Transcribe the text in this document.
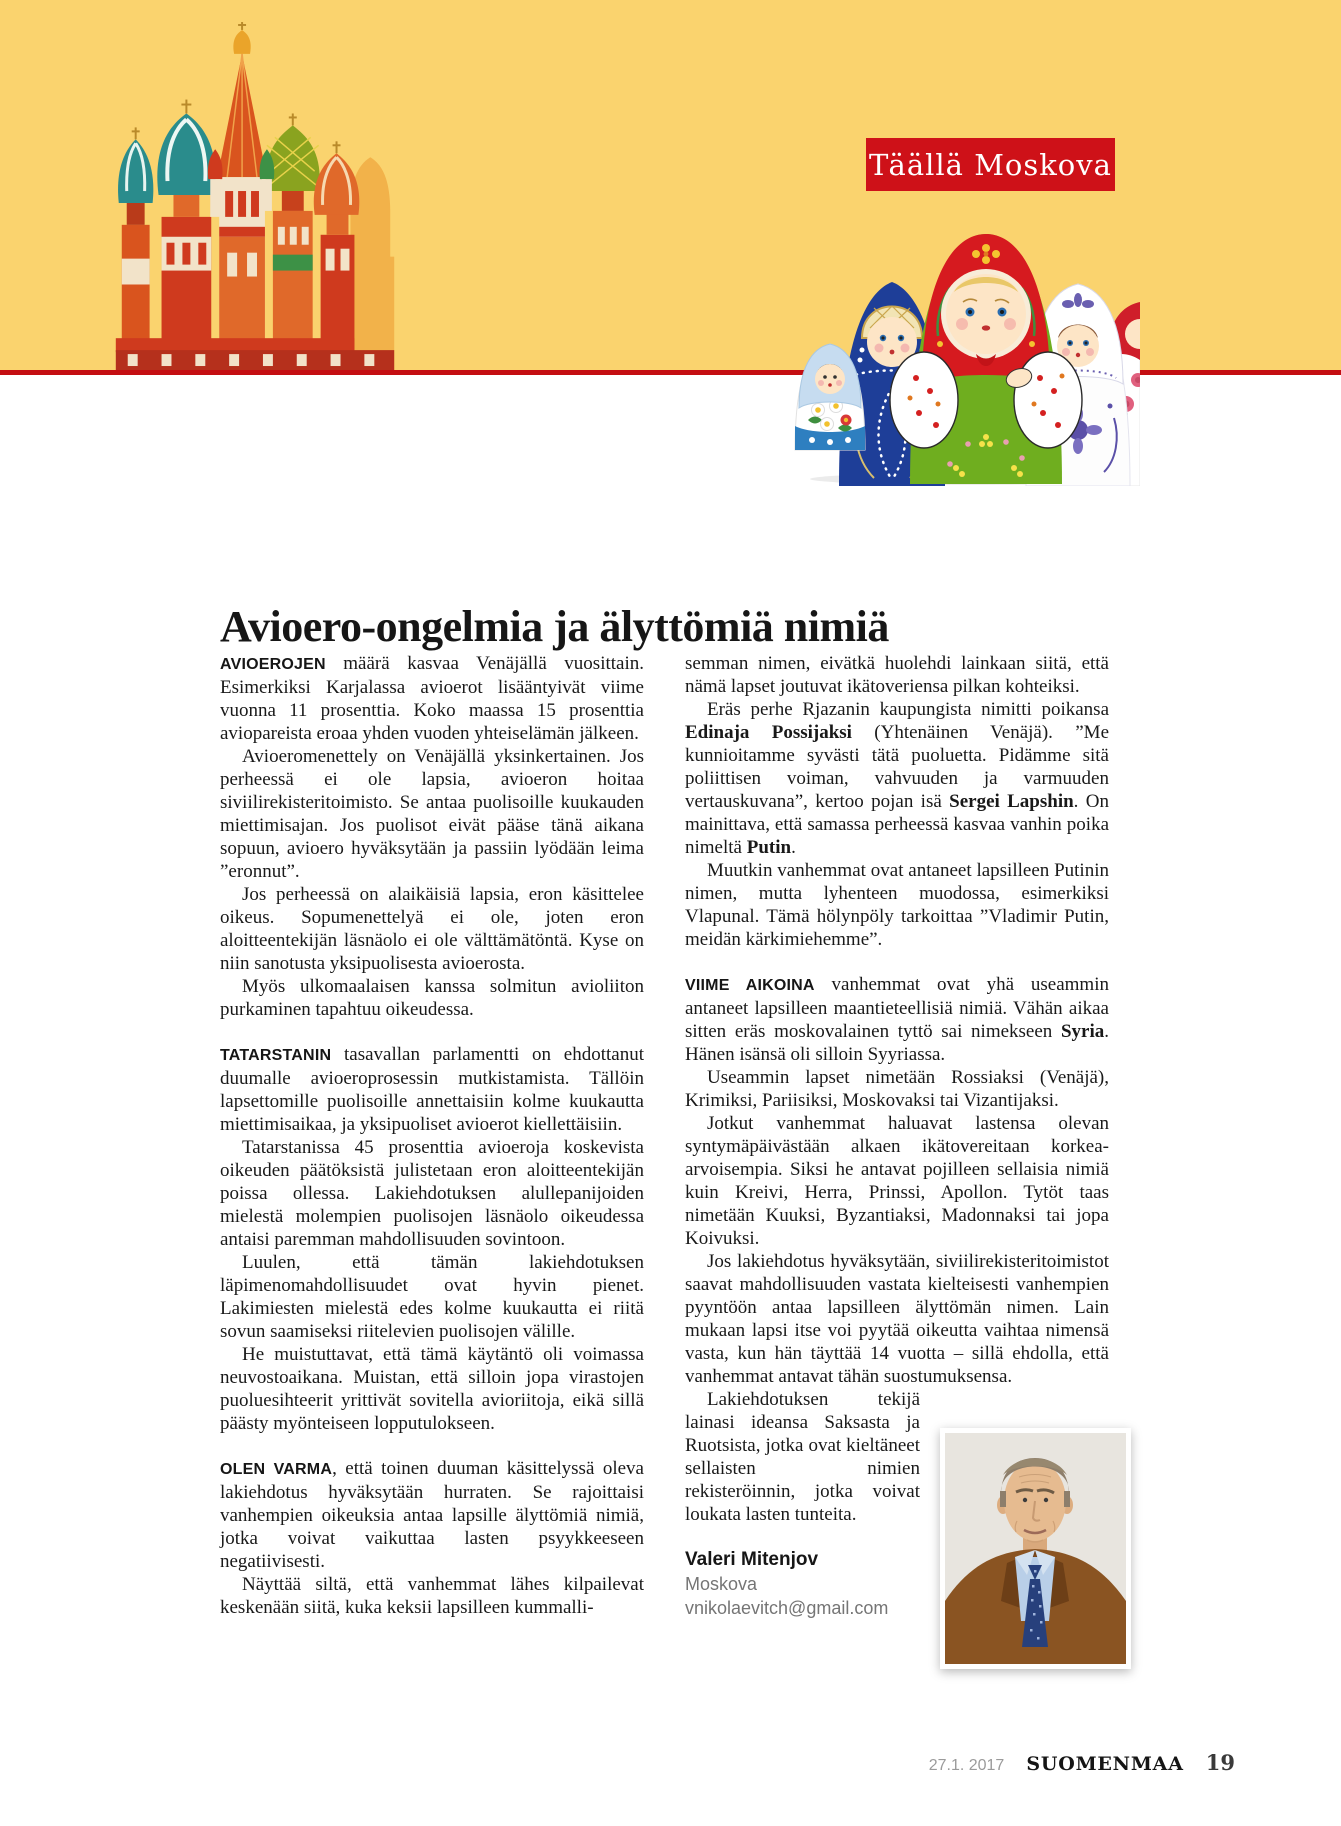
Täällä Moskova
Avioero-ongelmia ja älyttömiä nimiä

AVIOEROJEN määrä kasvaa Venäjällä vuosittain. Esimerkiksi Karjalassa avioerot lisääntyivät viime vuonna 11 prosenttia. Koko maassa 15 prosenttia aviopareista eroaa yhden vuoden yhteiselämän jälkeen.

Avioeromenettely on Venäjällä yksinkertainen. Jos perheessä ei ole lapsia, avioeron hoitaa siviilirekisteritoimisto. Se antaa puolisoille kuukauden miettimisajan. Jos puolisot eivät pääse tänä aikana sopuun, avioero hyväksytään ja passiin lyödään leima ”eronnut”.

Jos perheessä on alaikäisiä lapsia, eron käsittelee oikeus. Sopumenettelyä ei ole, joten eron aloitteentekijän läsnäolo ei ole välttämätöntä. Kyse on niin sanotusta yksipuolisesta avioerosta.

Myös ulkomaalaisen kanssa solmitun avioliiton purkaminen tapahtuu oikeudessa.

TATARSTANIN tasavallan parlamentti on ehdottanut duumalle avioeroprosessin mutkistamista. Tällöin lapsettomille puolisoille annettaisiin kolme kuukautta miettimisaikaa, ja yksipuoliset avioerot kiellettäisiin.

Tatarstanissa 45 prosenttia avioeroja koskevista oikeuden päätöksistä julistetaan eron aloitteentekijän poissa ollessa. Lakiehdotuksen alullepanijoiden mielestä molempien puolisojen läsnäolo oikeudessa antaisi paremman mahdollisuuden sovintoon.

Luulen, että tämän lakiehdotuksen läpimenomahdollisuudet ovat hyvin pienet. Lakimiesten mielestä edes kolme kuukautta ei riitä sovun saamiseksi riitelevien puolisojen välille.

He muistuttavat, että tämä käytäntö oli voimassa neuvostoaikana. Muistan, että silloin jopa virastojen puoluesihteerit yrittivät sovitella avioriitoja, eikä sillä päästy myönteiseen lopputulokseen.

OLEN VARMA, että toinen duuman käsittelyssä oleva lakiehdotus hyväksytään hurraten. Se rajoittaisi vanhempien oikeuksia antaa lapsille älyttömiä nimiä, jotka voivat vaikuttaa lasten psyykkeeseen negatiivisesti.

Näyttää siltä, että vanhemmat lähes kilpailevat keskenään siitä, kuka keksii lapsilleen kummalli-

semman nimen, eivätkä huolehdi lainkaan siitä, että nämä lapset joutuvat ikätoveriensa pilkan kohteiksi.

Eräs perhe Rjazanin kaupungista nimitti poikansa Edinaja Possijaksi (Yhtenäinen Venäjä). ”Me kunnioitamme syvästi tätä puoluetta. Pidämme sitä poliittisen voiman, vahvuuden ja varmuuden vertauskuvana”, kertoo pojan isä Sergei Lapshin. On mainittava, että samassa perheessä kasvaa vanhin poika nimeltä Putin.

Muutkin vanhemmat ovat antaneet lapsilleen Putinin nimen, mutta lyhenteen muodossa, esimerkiksi Vlapunal. Tämä hölynpöly tarkoittaa ”Vladimir Putin, meidän kärkimiehemme”.

VIIME AIKOINA vanhemmat ovat yhä useammin antaneet lapsilleen maantieteellisiä nimiä. Vähän aikaa sitten eräs moskovalainen tyttö sai nimekseen Syria. Hänen isänsä oli silloin Syyriassa.

Useammin lapset nimetään Rossiaksi (Venäjä), Krimiksi, Pariisiksi, Moskovaksi tai Vizantijaksi.

Jotkut vanhemmat haluavat lastensa olevan syntymäpäivästään alkaen ikätovereitaan korkea-arvoisempia. Siksi he antavat pojilleen sellaisia nimiä kuin Kreivi, Herra, Prinssi, Apollon. Tytöt taas nimetään Kuuksi, Byzantiaksi, Madonnaksi tai jopa Koivuksi.

Jos lakiehdotus hyväksytään, siviilirekisteritoimistot saavat mahdollisuuden vastata kielteisesti vanhempien pyyntöön antaa lapsilleen älyttömän nimen. Lain mukaan lapsi itse voi pyytää oikeutta vaihtaa nimensä vasta, kun hän täyttää 14 vuotta – sillä ehdolla, että vanhemmat antavat tähän suostumuksensa.

Lakiehdotuksen tekijä lainasi ideansa Saksasta ja Ruotsista, jotka ovat kieltäneet sellaisten nimien rekisteröinnin, jotka voivat loukata lasten tunteita.

Valeri Mitenjov
Moskova
vnikolaevitch@gmail.com
27.1. 2017 SUOMENMAA 19
